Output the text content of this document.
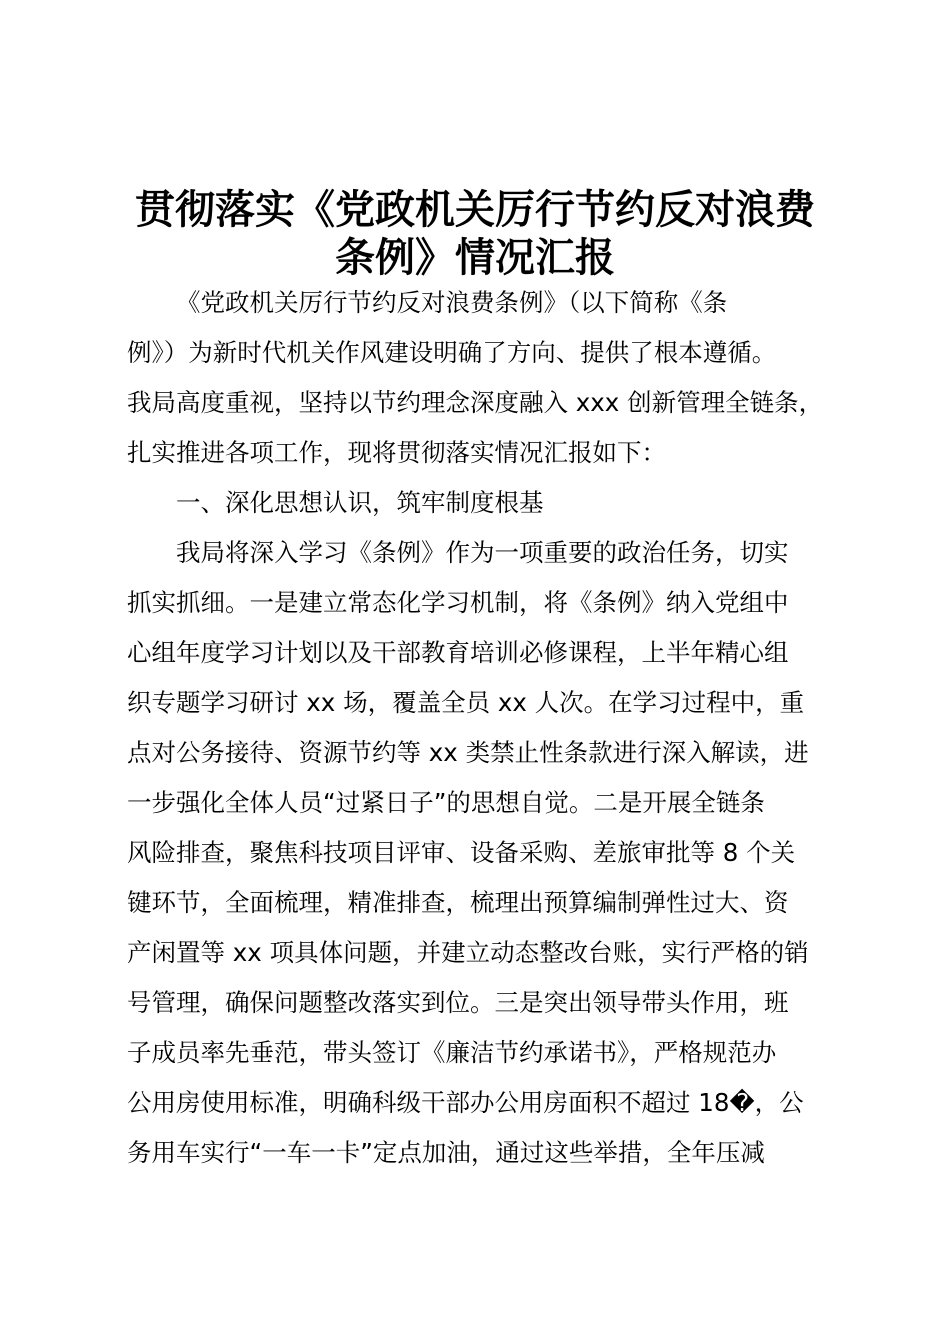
贯彻落实《党政机关厉行节约反对浪费
条例》情况汇报
《党政机关厉行节约反对浪费条例》（以下简称《条
例》）为新时代机关作风建设明确了方向、提供了根本遵循。
我局高度重视，坚持以节约理念深度融入 xxx 创新管理全链条，
扎实推进各项工作，现将贯彻落实情况汇报如下：
一、深化思想认识，筑牢制度根基
我局将深入学习《条例》作为一项重要的政治任务，切实
抓实抓细。一是建立常态化学习机制，将《条例》纳入党组中
心组年度学习计划以及干部教育培训必修课程，上半年精心组
织专题学习研讨 xx 场，覆盖全员 xx 人次。在学习过程中，重
点对公务接待、资源节约等 xx 类禁止性条款进行深入解读，进
一步强化全体人员“过紧日子”的思想自觉。二是开展全链条
风险排查，聚焦科技项目评审、设备采购、差旅审批等 8 个关
键环节，全面梳理，精准排查，梳理出预算编制弹性过大、资
产闲置等 xx 项具体问题，并建立动态整改台账，实行严格的销
号管理，确保问题整改落实到位。三是突出领导带头作用，班
子成员率先垂范，带头签订《廉洁节约承诺书》，严格规范办
公用房使用标准，明确科级干部办公用房面积不超过 18�，公
务用车实行“一车一卡”定点加油，通过这些举措，全年压减
